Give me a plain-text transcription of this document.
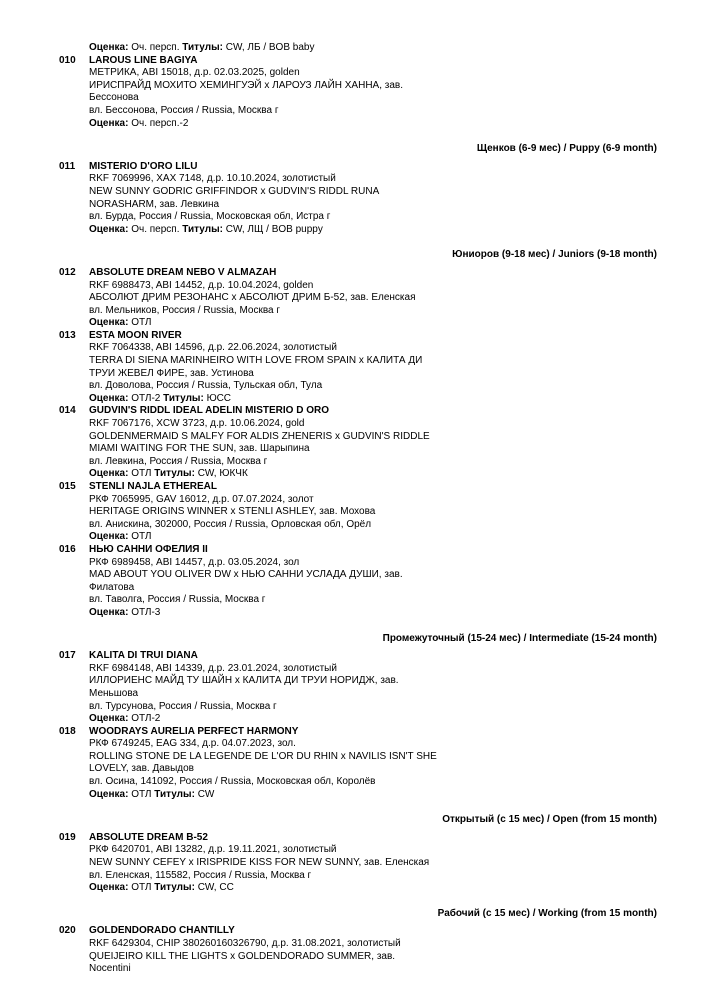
Оценка: Оч. персп. Титулы: CW, ЛБ / BOB baby
010 LAROUS LINE BAGIYA
МЕТРИКА, ABI 15018, д.р. 02.03.2025, golden
ИРИСПРАЙД МОХИТО ХЕМИНГУЭЙ x ЛАРОУЗ ЛАЙН ХАННА, зав.
Бессонова
вл. Бессонова, Россия / Russia, Москва г
Оценка: Оч. персп.-2
Щенков (6-9 мес) / Puppy (6-9 month)
011 MISTERIO D'ORO LILU
RKF 7069996, XAX 7148, д.р. 10.10.2024, золотистый
NEW SUNNY GODRIC GRIFFINDOR x GUDVIN'S RIDDL RUNA
NORASHARM, зав. Левкина
вл. Бурда, Россия / Russia, Московская обл, Истра г
Оценка: Оч. персп. Титулы: CW, ЛЩ / BOB puppy
Юниоров (9-18 мес) / Juniors (9-18 month)
012 ABSOLUTE DREAM NEBO V ALMAZAH
RKF 6988473, ABI 14452, д.р. 10.04.2024, golden
АБСОЛЮТ ДРИМ РЕЗОНАНС x АБСОЛЮТ ДРИМ Б-52, зав. Еленская
вл. Мельников, Россия / Russia, Москва г
Оценка: ОТЛ
013 ESTA MOON RIVER
RKF 7064338, ABI 14596, д.р. 22.06.2024, золотистый
TERRA DI SIENA MARINHEIRO WITH LOVE FROM SPAIN x КАЛИТА ДИ
ТРУИ ЖЕВЕЛ ФИРЕ, зав. Устинова
вл. Доволова, Россия / Russia, Тульская обл, Тула
Оценка: ОТЛ-2 Титулы: ЮСС
014 GUDVIN'S RIDDL IDEAL ADELIN MISTERIO D ORO
RKF 7067176, XCW 3723, д.р. 10.06.2024, gold
GOLDENMERMAID S MALFY FOR ALDIS ZHENERIS x GUDVIN'S RIDDLE
MIAMI WAITING FOR THE SUN, зав. Шарыпина
вл. Левкина, Россия / Russia, Москва г
Оценка: ОТЛ Титулы: CW, ЮКЧК
015 STENLI NAJLA ETHEREAL
РКФ 7065995, GAV 16012, д.р. 07.07.2024, золот
HERITAGE ORIGINS WINNER x STENLI ASHLEY, зав. Мохова
вл. Анискина, 302000, Россия / Russia, Орловская обл, Орёл
Оценка: ОТЛ
016 НЬЮ САННИ ОФЕЛИЯ II
РКФ 6989458, ABI 14457, д.р. 03.05.2024, зол
MAD ABOUT YOU OLIVER DW x НЬЮ САННИ УСЛАДА ДУШИ, зав.
Филатова
вл. Таволга, Россия / Russia, Москва г
Оценка: ОТЛ-3
Промежуточный (15-24 мес) / Intermediate (15-24 month)
017 KALITA DI TRUI DIANA
RKF 6984148, ABI 14339, д.р. 23.01.2024, золотистый
ИЛЛОРИЕНС МАЙД ТУ ШАЙН x КАЛИТА ДИ ТРУИ НОРИДЖ, зав.
Меньшова
вл. Турсунова, Россия / Russia, Москва г
Оценка: ОТЛ-2
018 WOODRAYS AURELIA PERFECT HARMONY
РКФ 6749245, EAG 334, д.р. 04.07.2023, зол.
ROLLING STONE DE LA LEGENDE DE L'OR DU RHIN x NAVILIS ISN'T SHE
LOVELY, зав. Давыдов
вл. Осина, 141092, Россия / Russia, Московская обл, Королёв
Оценка: ОТЛ Титулы: CW
Открытый (с 15 мес) / Open (from 15 month)
019 ABSOLUTE DREAM B-52
РКФ 6420701, ABI 13282, д.р. 19.11.2021, золотистый
NEW SUNNY CEFEY x IRISPRIDE KISS FOR NEW SUNNY, зав. Еленская
вл. Еленская, 115582, Россия / Russia, Москва г
Оценка: ОТЛ Титулы: CW, CC
Рабочий (с 15 мес) / Working (from 15 month)
020 GOLDENDORADO CHANTILLY
RKF 6429304, CHIP 380260160326790, д.р. 31.08.2021, золотистый
QUEIJEIRO KILL THE LIGHTS x GOLDENDORADO SUMMER, зав.
Nocentini
